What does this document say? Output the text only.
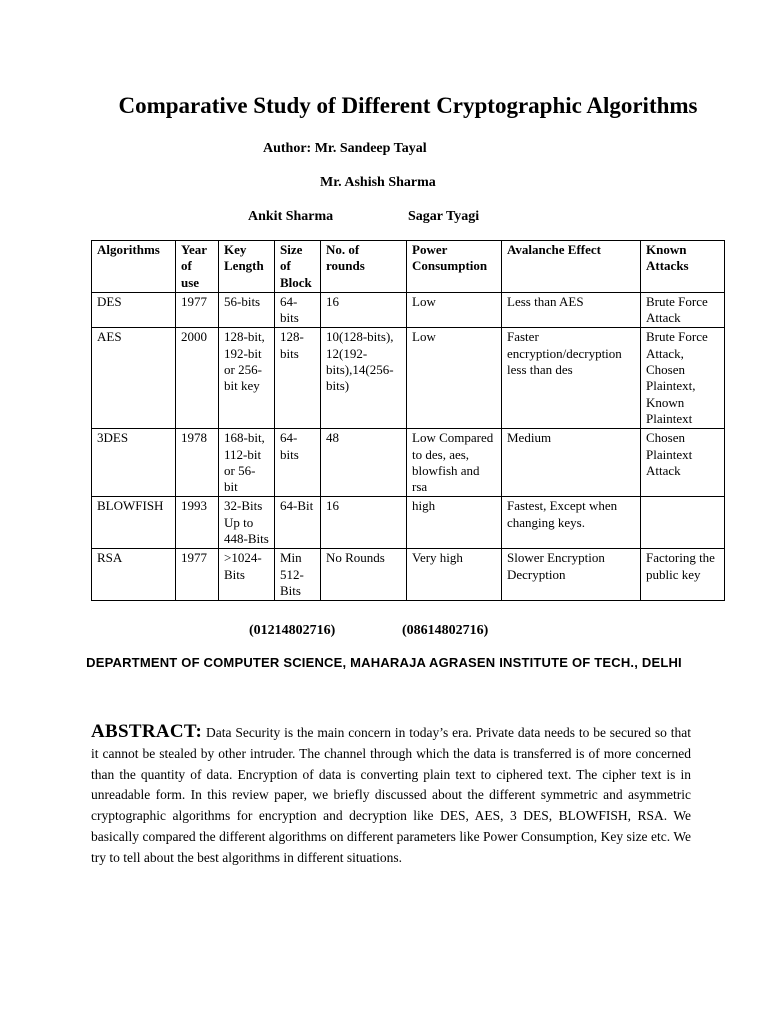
Comparative Study of Different Cryptographic Algorithms
Author: Mr. Sandeep Tayal
Mr. Ashish Sharma
Ankit Sharma	Sagar Tyagi
Algorithms	Year of use	Key Length	Size of Block	No. of rounds	Power Consumption	Avalanche Effect	Known Attacks
DES	1977	56-bits	64-bits	16	Low	Less than AES	Brute Force Attack
AES	2000	128-bit, 192-bit or 256-bit key	128-bits	10(128-bits), 12(192-bits),14(256-bits)	Low	Faster encryption/decryption less than des	Brute Force Attack, Chosen Plaintext, Known Plaintext
3DES	1978	168-bit, 112-bit or 56-bit	64-bits	48	Low Compared to des, aes, blowfish and rsa	Medium	Chosen Plaintext Attack
BLOWFISH	1993	32-Bits Up to 448-Bits	64-Bit	16	high	Fastest, Except when changing keys.	
RSA	1977	>1024-Bits	Min 512-Bits	No Rounds	Very high	Slower Encryption Decryption	Factoring the public key
(01214802716)	(08614802716)
DEPARTMENT OF COMPUTER SCIENCE, MAHARAJA AGRASEN INSTITUTE OF TECH., DELHI
ABSTRACT: Data Security is the main concern in today’s era. Private data needs to be secured so that it cannot be stealed by other intruder. The channel through which the data is transferred is of more concerned than the quantity of data. Encryption of data is converting plain text to ciphered text. The cipher text is in unreadable form. In this review paper, we briefly discussed about the different symmetric and asymmetric cryptographic algorithms for encryption and decryption like DES, AES, 3 DES, BLOWFISH, RSA. We basically compared the different algorithms on different parameters like Power Consumption, Key size etc. We try to tell about the best algorithms in different situations.
